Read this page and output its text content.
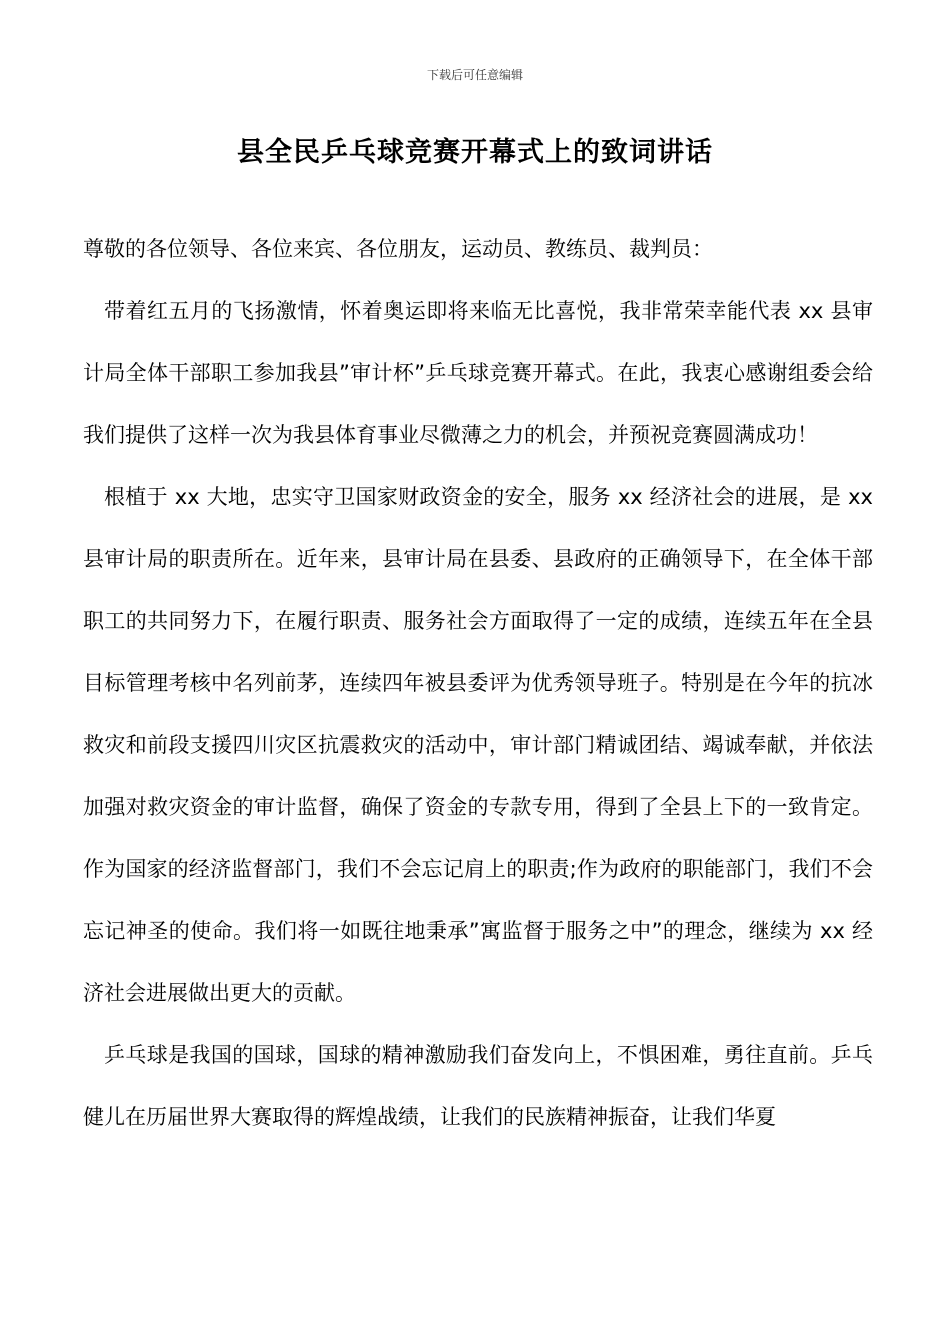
下载后可任意编辑
县全民乒乓球竞赛开幕式上的致词讲话

尊敬的各位领导、各位来宾、各位朋友，运动员、教练员、裁判员：

带着红五月的飞扬激情，怀着奥运即将来临无比喜悦，我非常荣幸能代表 xx 县审计局全体干部职工参加我县”审计杯”乒乓球竞赛开幕式。在此，我衷心感谢组委会给我们提供了这样一次为我县体育事业尽微薄之力的机会，并预祝竞赛圆满成功！

根植于 xx 大地，忠实守卫国家财政资金的安全，服务 xx 经济社会的进展，是 xx 县审计局的职责所在。近年来，县审计局在县委、县政府的正确领导下，在全体干部职工的共同努力下，在履行职责、服务社会方面取得了一定的成绩，连续五年在全县目标管理考核中名列前茅，连续四年被县委评为优秀领导班子。特别是在今年的抗冰救灾和前段支援四川灾区抗震救灾的活动中，审计部门精诚团结、竭诚奉献，并依法加强对救灾资金的审计监督，确保了资金的专款专用，得到了全县上下的一致肯定。作为国家的经济监督部门，我们不会忘记肩上的职责;作为政府的职能部门，我们不会忘记神圣的使命。我们将一如既往地秉承”寓监督于服务之中”的理念，继续为 xx 经济社会进展做出更大的贡献。

乒乓球是我国的国球，国球的精神激励我们奋发向上，不惧困难，勇往直前。乒乓健儿在历届世界大赛取得的辉煌战绩，让我们的民族精神振奋，让我们华夏
